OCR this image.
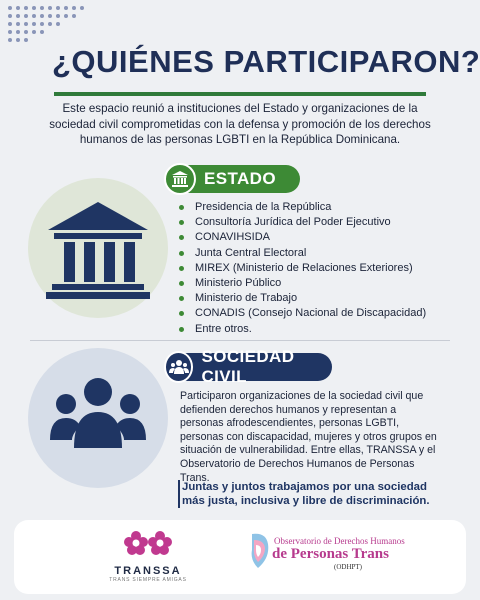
¿QUIÉNES PARTICIPARON?

Este espacio reunió a instituciones del Estado y organizaciones de la sociedad civil comprometidas con la defensa y promoción de los derechos humanos de las personas LGBTI en la República Dominicana.

ESTADO
Presidencia de la República
Consultoría Jurídica del Poder Ejecutivo
CONAVIHSIDA
Junta Central Electoral
MIREX (Ministerio de Relaciones Exteriores)
Ministerio Público
Ministerio de Trabajo
CONADIS (Consejo Nacional de Discapacidad)
Entre otros.
SOCIEDAD CIVIL

Participaron organizaciones de la sociedad civil que defienden derechos humanos y representan a personas afrodescendientes, personas LGBTI, personas con discapacidad, mujeres y otros grupos en situación de vulnerabilidad. Entre ellas, TRANSSA y el Observatorio de Derechos Humanos de Personas Trans.

Juntas y juntos trabajamos por una sociedad más justa, inclusiva y libre de discriminación.

TRANSSA
TRANS SIEMPRE AMIGAS
Observatorio de Derechos Humanos
de Personas Trans
(ODHPT)
